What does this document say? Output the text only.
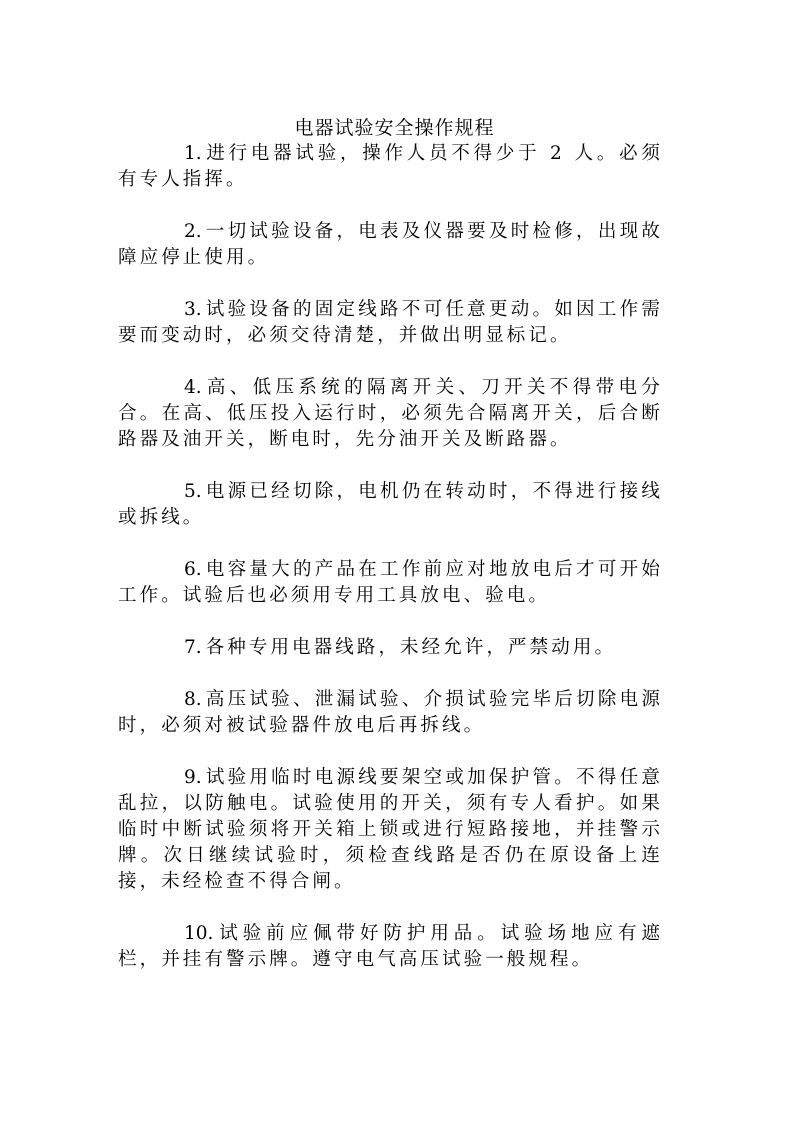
电器试验安全操作规程

1. 进行电器试验，操作人员不得少于 2 人。必须有专人指挥。

2. 一切试验设备，电表及仪器要及时检修，出现故障应停止使用。

3. 试验设备的固定线路不可任意更动。如因工作需要而变动时，必须交待清楚，并做出明显标记。

4. 高、低压系统的隔离开关、刀开关不得带电分合。在高、低压投入运行时，必须先合隔离开关，后合断路器及油开关，断电时，先分油开关及断路器。

5. 电源已经切除，电机仍在转动时，不得进行接线或拆线。

6. 电容量大的产品在工作前应对地放电后才可开始工作。试验后也必须用专用工具放电、验电。

7. 各种专用电器线路，未经允许，严禁动用。

8. 高压试验、泄漏试验、介损试验完毕后切除电源时，必须对被试验器件放电后再拆线。

9. 试验用临时电源线要架空或加保护管。不得任意乱拉，以防触电。试验使用的开关，须有专人看护。如果临时中断试验须将开关箱上锁或进行短路接地，并挂警示牌。次日继续试验时，须检查线路是否仍在原设备上连接，未经检查不得合闸。

10. 试验前应佩带好防护用品。试验场地应有遮栏，并挂有警示牌。遵守电气高压试验一般规程。
